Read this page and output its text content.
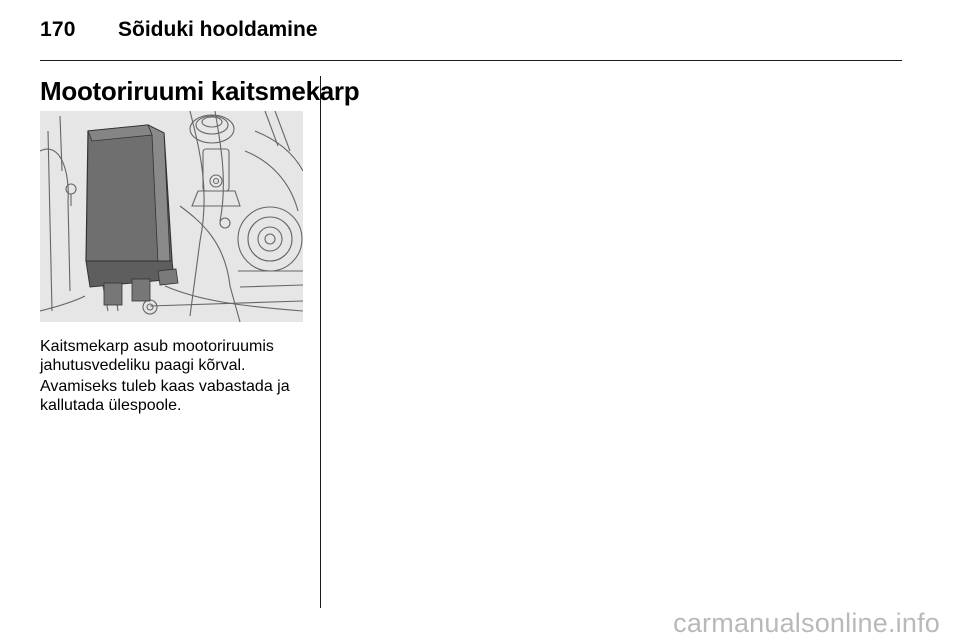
170 Sõiduki hooldamine
Mootoriruumi kaitsmekarp

Kaitsmekarp asub mootoriruumis jahutusvedeliku paagi kõrval.

Avamiseks tuleb kaas vabastada ja kallutada ülespoole.

carmanualsonline.info
